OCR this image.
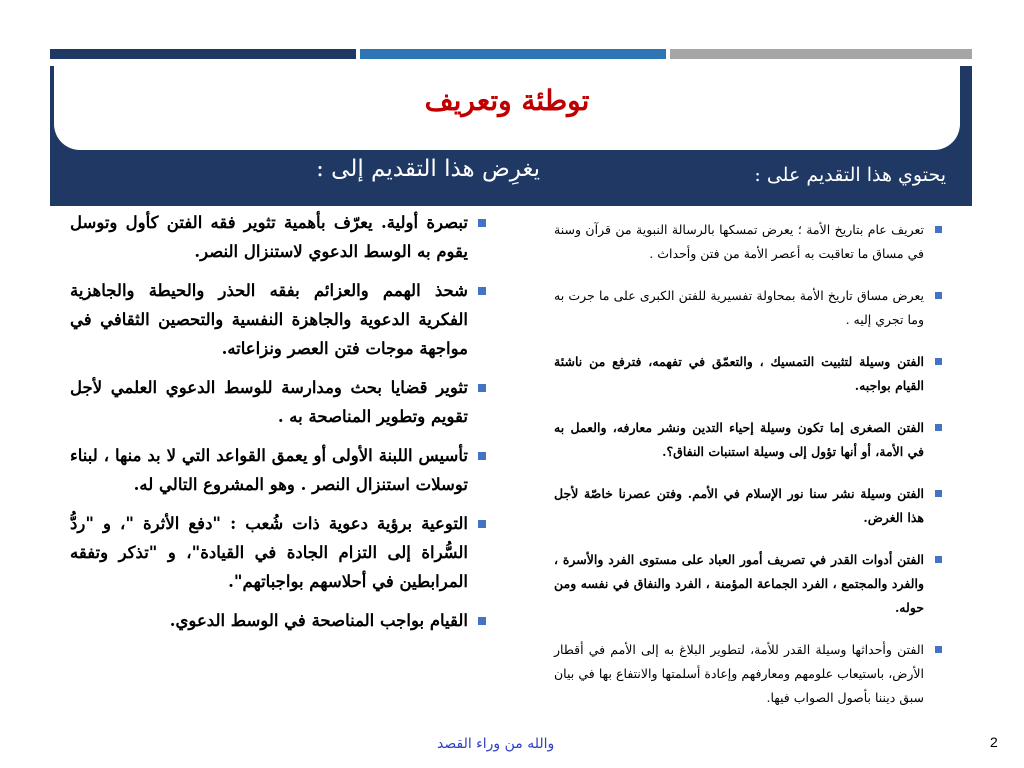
توطئة وتعريف
يحتوي هذا التقديم على :
يغرِض هذا التقديم إلى :
تعريف عام بتاريخ الأمة ؛ يعرض تمسكها بالرسالة النبوية من قرآن وسنة في مساق ما تعاقبت به أعصر الأمة من فتن وأحداث .
يعرض مساق تاريخ الأمة بمحاولة تفسيرية للفتن الكبرى على ما جرت به وما تجري إليه .
الفتن وسيلة لتثبيت التمسيك ، والتعمّق في تفهمه، فترفع من ناشئة القيام بواجبه.
الفتن الصغرى إما تكون وسيلة إحياء التدين ونشر معارفه، والعمل به في الأمة، أو أنها تؤول إلى وسيلة استنبات النفاق؟.
الفتن وسيلة نشر سنا نور الإسلام في الأمم. وفتن عصرنا خاصّة لأجل هذا الغرض.
الفتن أدوات القدر في تصريف أمور العباد على مستوى الفرد والأسرة ، والفرد والمجتمع ، الفرد الجماعة المؤمنة ، الفرد والنفاق في نفسه ومن حوله.
الفتن وأحداثها وسيلة القدر للأمة، لتطوير البلاغ به إلى الأمم في أقطار الأرض، باستيعاب علومهم ومعارفهم وإعادة أسلمتها والانتفاع بها في بيان سبق ديننا بأصول الصواب فيها.
تبصرة أولية. يعرّف بأهمية تثوير فقه الفتن كأول وتوسل يقوم به الوسط الدعوي لاستنزال النصر.
شحذ الهمم والعزائم بفقه الحذر والحيطة والجاهزية الفكرية الدعوية والجاهزة النفسية والتحصين الثقافي في مواجهة موجات فتن العصر ونزاعاته.
تثوير قضايا بحث ومدارسة للوسط الدعوي العلمي لأجل تقويم وتطوير المناصحة به .
تأسيس اللبنة الأولى أو يعمق القواعد التي لا بد منها ، لبناء توسلات استنزال النصر . وهو المشروع التالي له.
التوعية برؤية دعوية ذات شُعب : "دفع الأثرة "، و "ردُّ السُّراة إلى التزام الجادة في القيادة"، و "تذكر وتفقه المرابطين في أحلاسهم بواجباتهم".
القيام بواجب المناصحة في الوسط الدعوي.
والله من وراء القصد	2
